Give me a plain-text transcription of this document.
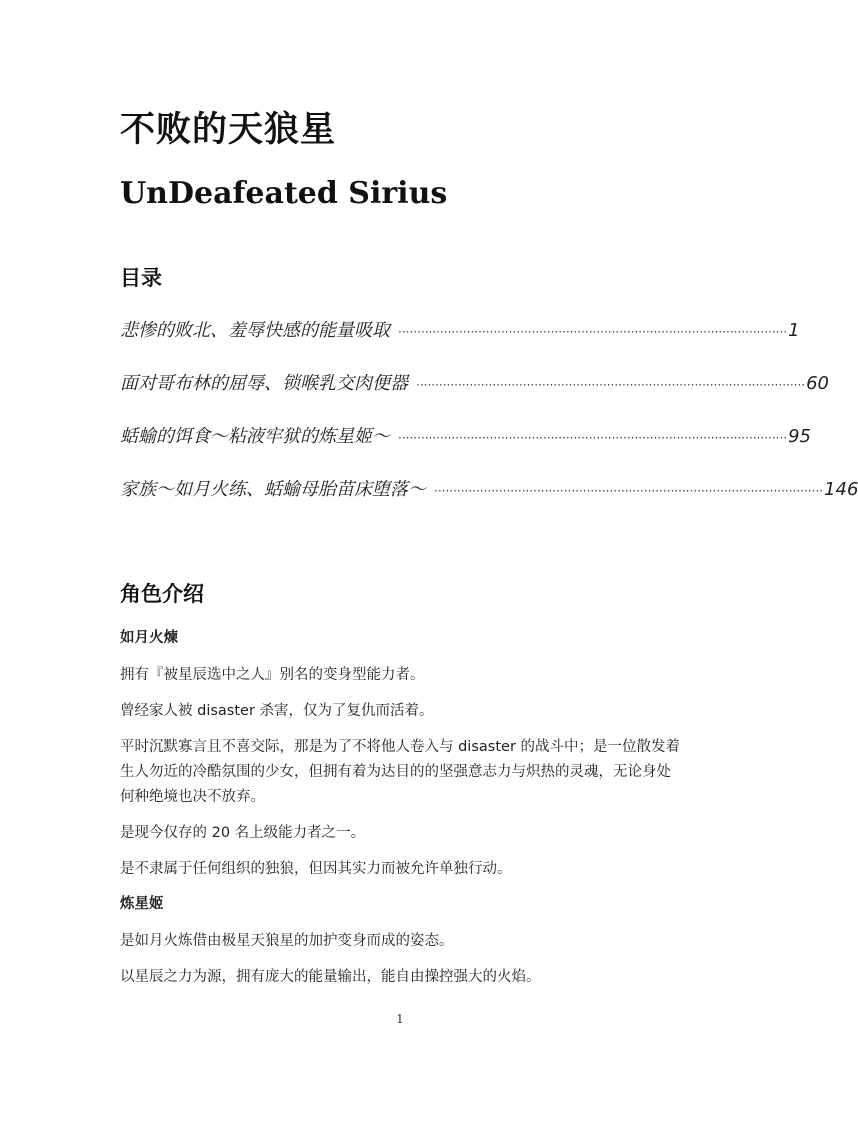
不败的天狼星
UnDeafeated Sirius
目录
悲惨的败北、羞辱快感的能量吸取 ······································································································ 1
面对哥布林的屈辱、锁喉乳交肉便器 ······································································································ 60
蛞蝓的饵食～粘液牢狱的炼星姬～ ······································································································ 95
家族～如月火练、蛞蝓母胎苗床堕落～ ······································································································ 146
角色介绍
如月火煉

拥有『被星辰选中之人』别名的变身型能力者。

曾经家人被 disaster 杀害，仅为了复仇而活着。

平时沉默寡言且不喜交际，那是为了不将他人卷入与 disaster 的战斗中；是一位散发着生人勿近的冷酷氛围的少女，但拥有着为达目的的坚强意志力与炽热的灵魂，无论身处何种绝境也决不放弃。

是现今仅存的 20 名上级能力者之一。

是不隶属于任何组织的独狼，但因其实力而被允许单独行动。

炼星姬

是如月火炼借由极星天狼星的加护变身而成的姿态。

以星辰之力为源，拥有庞大的能量输出，能自由操控强大的火焰。

1
